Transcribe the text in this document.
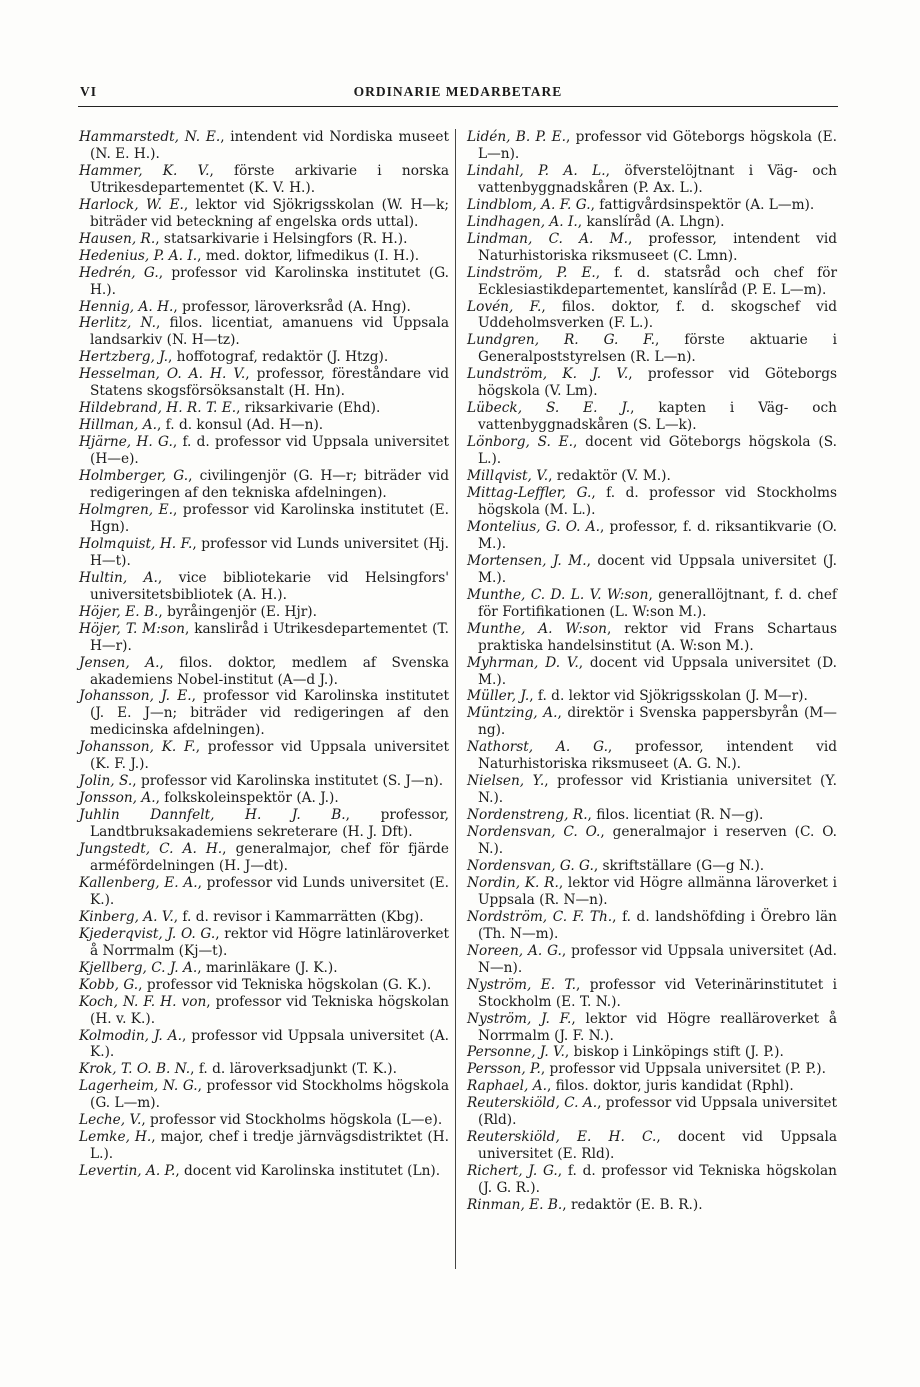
VI	ORDINARIE MEDARBETARE

Hammarstedt, N. E., intendent vid Nordiska museet (N. E. H.).

Hammer, K. V., förste arkivarie i norska Utrikesdepartementet (K. V. H.).

Harlock, W. E., lektor vid Sjökrigsskolan (W. H—k; biträder vid beteckning af engelska ords uttal).

Hausen, R., statsarkivarie i Helsingfors (R. H.).

Hedenius, P. A. I., med. doktor, lifmedikus (I. H.).

Hedrén, G., professor vid Karolinska institutet (G. H.).

Hennig, A. H., professor, läroverksråd (A. Hng).

Herlitz, N., filos. licentiat, amanuens vid Uppsala landsarkiv (N. H—tz).

Hertzberg, J., hoffotograf, redaktör (J. Htzg).

Hesselman, O. A. H. V., professor, föreståndare vid Statens skogsförsöksanstalt (H. Hn).

Hildebrand, H. R. T. E., riksarkivarie (Ehd).

Hillman, A., f. d. konsul (Ad. H—n).

Hjärne, H. G., f. d. professor vid Uppsala universitet (H—e).

Holmberger, G., civilingenjör (G. H—r; biträder vid redigeringen af den tekniska afdelningen).

Holmgren, E., professor vid Karolinska institutet (E. Hgn).

Holmquist, H. F., professor vid Lunds universitet (Hj. H—t).

Hultin, A., vice bibliotekarie vid Helsingfors' universitetsbibliotek (A. H.).

Höjer, E. B., byråingenjör (E. Hjr).

Höjer, T. M:son, kansliråd i Utrikesdepartementet (T. H—r).

Jensen, A., filos. doktor, medlem af Svenska akademiens Nobel-institut (A—d J.).

Johansson, J. E., professor vid Karolinska institutet (J. E. J—n; biträder vid redigeringen af den medicinska afdelningen).

Johansson, K. F., professor vid Uppsala universitet (K. F. J.).

Jolin, S., professor vid Karolinska institutet (S. J—n).

Jonsson, A., folkskoleinspektör (A. J.).

Juhlin Dannfelt, H. J. B., professor, Landtbruksakademiens sekreterare (H. J. Dft).

Jungstedt, C. A. H., generalmajor, chef för fjärde arméfördelningen (H. J—dt).

Kallenberg, E. A., professor vid Lunds universitet (E. K.).

Kinberg, A. V., f. d. revisor i Kammarrätten (Kbg).

Kjederqvist, J. O. G., rektor vid Högre latinläroverket å Norrmalm (Kj—t).

Kjellberg, C. J. A., marinläkare (J. K.).

Kobb, G., professor vid Tekniska högskolan (G. K.).

Koch, N. F. H. von, professor vid Tekniska högskolan (H. v. K.).

Kolmodin, J. A., professor vid Uppsala universitet (A. K.).

Krok, T. O. B. N., f. d. läroverksadjunkt (T. K.).

Lagerheim, N. G., professor vid Stockholms högskola (G. L—m).

Leche, V., professor vid Stockholms högskola (L—e).

Lemke, H., major, chef i tredje järnvägsdistriktet (H. L.).

Levertin, A. P., docent vid Karolinska institutet (Ln).

Lidén, B. P. E., professor vid Göteborgs högskola (E. L—n).

Lindahl, P. A. L., öfverstelöjtnant i Väg- och vattenbyggnadskåren (P. Ax. L.).

Lindblom, A. F. G., fattigvårdsinspektör (A. L—m).

Lindhagen, A. I., kanslíråd (A. Lhgn).

Lindman, C. A. M., professor, intendent vid Naturhistoriska riksmuseet (C. Lmn).

Lindström, P. E., f. d. statsråd och chef för Ecklesiastikdepartementet, kanslíråd (P. E. L—m).

Lovén, F., filos. doktor, f. d. skogschef vid Uddeholmsverken (F. L.).

Lundgren, R. G. F., förste aktuarie i Generalpoststyrelsen (R. L—n).

Lundström, K. J. V., professor vid Göteborgs högskola (V. Lm).

Lübeck, S. E. J., kapten i Väg- och vattenbyggnadskåren (S. L—k).

Lönborg, S. E., docent vid Göteborgs högskola (S. L.).

Millqvist, V., redaktör (V. M.).

Mittag-Leffler, G., f. d. professor vid Stockholms högskola (M. L.).

Montelius, G. O. A., professor, f. d. riksantikvarie (O. M.).

Mortensen, J. M., docent vid Uppsala universitet (J. M.).

Munthe, C. D. L. V. W:son, generallöjtnant, f. d. chef för Fortifikationen (L. W:son M.).

Munthe, A. W:son, rektor vid Frans Schartaus praktiska handelsinstitut (A. W:son M.).

Myhrman, D. V., docent vid Uppsala universitet (D. M.).

Müller, J., f. d. lektor vid Sjökrigsskolan (J. M—r).

Müntzing, A., direktör i Svenska pappersbyrån (M—ng).

Nathorst, A. G., professor, intendent vid Naturhistoriska riksmuseet (A. G. N.).

Nielsen, Y., professor vid Kristiania universitet (Y. N.).

Nordenstreng, R., filos. licentiat (R. N—g).

Nordensvan, C. O., generalmajor i reserven (C. O. N.).

Nordensvan, G. G., skriftställare (G—g N.).

Nordin, K. R., lektor vid Högre allmänna läroverket i Uppsala (R. N—n).

Nordström, C. F. Th., f. d. landshöfding i Örebro län (Th. N—m).

Noreen, A. G., professor vid Uppsala universitet (Ad. N—n).

Nyström, E. T., professor vid Veterinärinstitutet i Stockholm (E. T. N.).

Nyström, J. F., lektor vid Högre realläroverket å Norrmalm (J. F. N.).

Personne, J. V., biskop i Linköpings stift (J. P.).

Persson, P., professor vid Uppsala universitet (P. P.).

Raphael, A., filos. doktor, juris kandidat (Rphl).

Reuterskiöld, C. A., professor vid Uppsala universitet (Rld).

Reuterskiöld, E. H. C., docent vid Uppsala universitet (E. Rld).

Richert, J. G., f. d. professor vid Tekniska högskolan (J. G. R.).

Rinman, E. B., redaktör (E. B. R.).
